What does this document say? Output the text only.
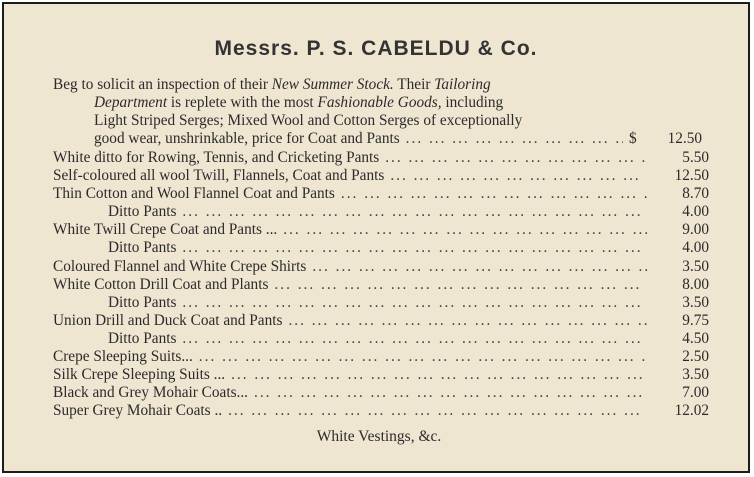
Messrs. P. S. CABELDU & Co.

Beg to solicit an inspection of their New Summer Stock. Their Tailoring

Department is replete with the most Fashionable Goods, including

Light Striped Serges; Mixed Wool and Cotton Serges of exceptionally

good wear, unshrinkable, price for Coat and Pants ... .	$	12.50
White ditto for Rowing, Tennis, and Cricketing Pants ... .	5.50
Self-coloured all wool Twill, Flannels, Coat and Pants ... .	12.50
Thin Cotton and Wool Flannel Coat and Pants ... .	8.70
Ditto Pants ... .	4.00
White Twill Crepe Coat and Pants ... ... .	9.00
Ditto Pants ... .	4.00
Coloured Flannel and White Crepe Shirts ... .	3.50
White Cotton Drill Coat and Plants ... .	8.00
Ditto Pants ... .	3.50
Union Drill and Duck Coat and Pants ... .	9.75
Ditto Pants ... .	4.50
Crepe Sleeping Suits... ... .	2.50
Silk Crepe Sleeping Suits ... ... .	3.50
Black and Grey Mohair Coats... ... .	7.00
Super Grey Mohair Coats .. ... .	12.02
White Vestings, &c.
